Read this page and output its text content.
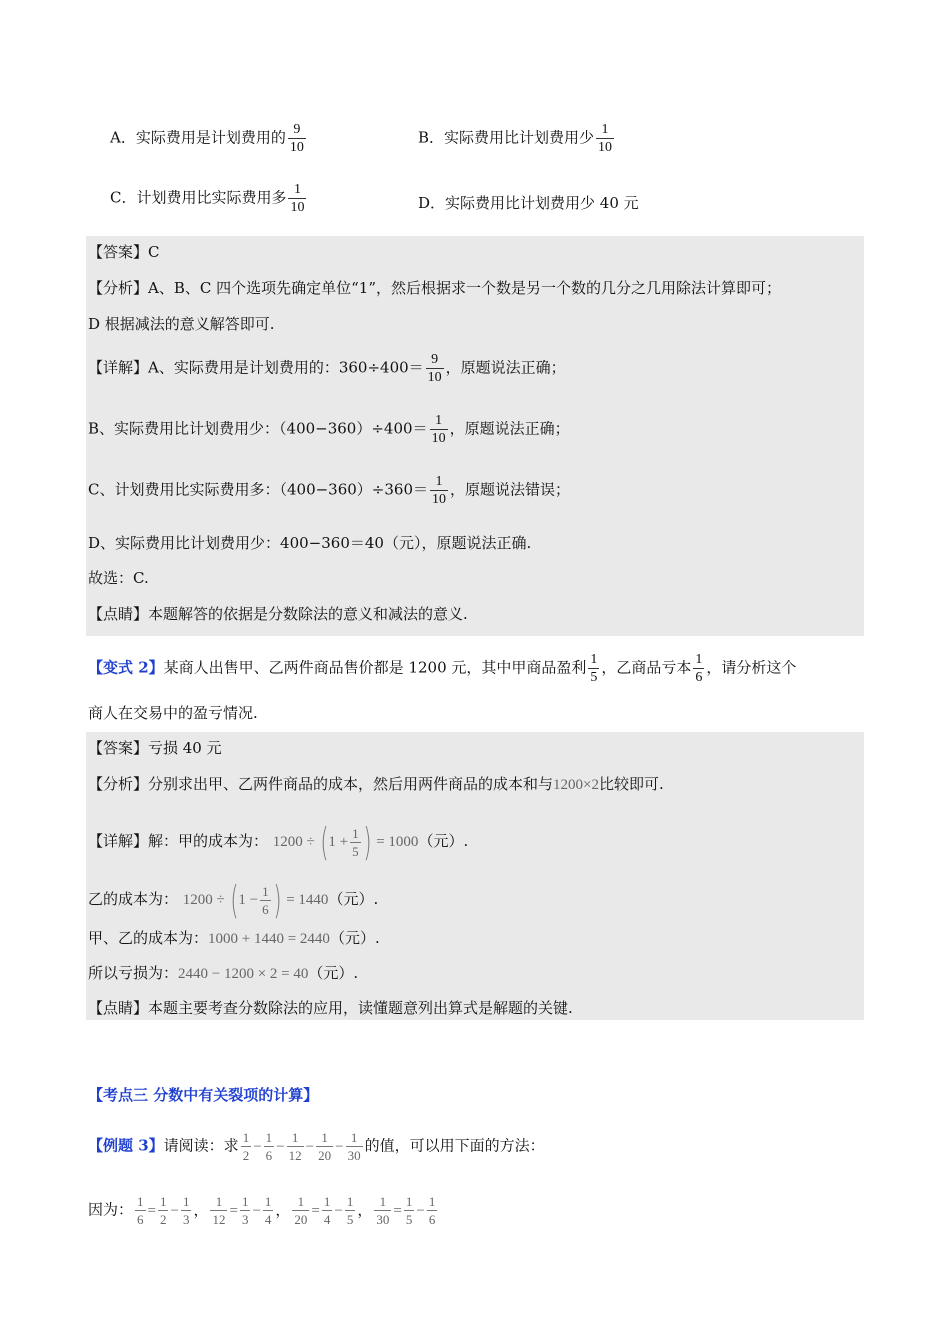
A．实际费用是计划费用的 $\frac{9}{10}$	B．实际费用比计划费用少 $\frac{1}{10}$
C．计划费用比实际费用多 $\frac{1}{10}$	D．实际费用比计划费用少 40 元
【答案】C
【分析】A、B、C 四个选项先确定单位“1”，然后根据求一个数是另一个数的几分之几用除法计算即可；
D 根据减法的意义解答即可.
【详解】A、实际费用是计划费用的：$360\div 400= \frac{9}{10}$ ，原题说法正确；
B、实际费用比计划费用少：$(400-360)\div 400= \frac{1}{10}$ ，原题说法正确；
C、计划费用比实际费用多：$(400-360)\div 360= \frac{1}{10}$ ，原题说法错误；
D、实际费用比计划费用少：400−360＝40（元），原题说法正确.
故选：C.
【点睛】本题解答的依据是分数除法的意义和减法的意义.
【变式 2】某商人出售甲、乙两件商品售价都是 1200 元，其中甲商品盈利 $\frac{1}{5}$ ，乙商品亏本 $\frac{1}{6}$ ，请分析这个
商人在交易中的盈亏情况.
【答案】亏损 40 元
【分析】分别求出甲、乙两件商品的成本，然后用两件商品的成本和与1200×2比较即可.
【详解】解：甲的成本为： $1200 \div (1 + \frac{1}{5}$ ) = 1000（元）.
乙的成本为： $1200 \div (1 - \frac{1}{6}$ ) = 1440（元）.
甲、乙的成本为：1000 + 1440 = 2440（元）.
所以亏损为：2440 − 1200 × 2 = 40（元）.
【点睛】本题主要考查分数除法的应用，读懂题意列出算式是解题的关键.
【考点三 分数中有关裂项的计算】
【例题 3】请阅读：求 $\frac{1}{2} - \frac{1}{6} - \frac{1}{12} - \frac{1}{20} - \frac{1}{30}$ 的值，可以用下面的方法：
因为： $\frac{1}{6} = \frac{1}{2} - \frac{1}{3}$ ， $\frac{1}{12} = \frac{1}{3} - \frac{1}{4}$ ， $\frac{1}{20} = \frac{1}{4} - \frac{1}{5}$ ， $\frac{1}{30} = \frac{1}{5} - \frac{1}{6}$
